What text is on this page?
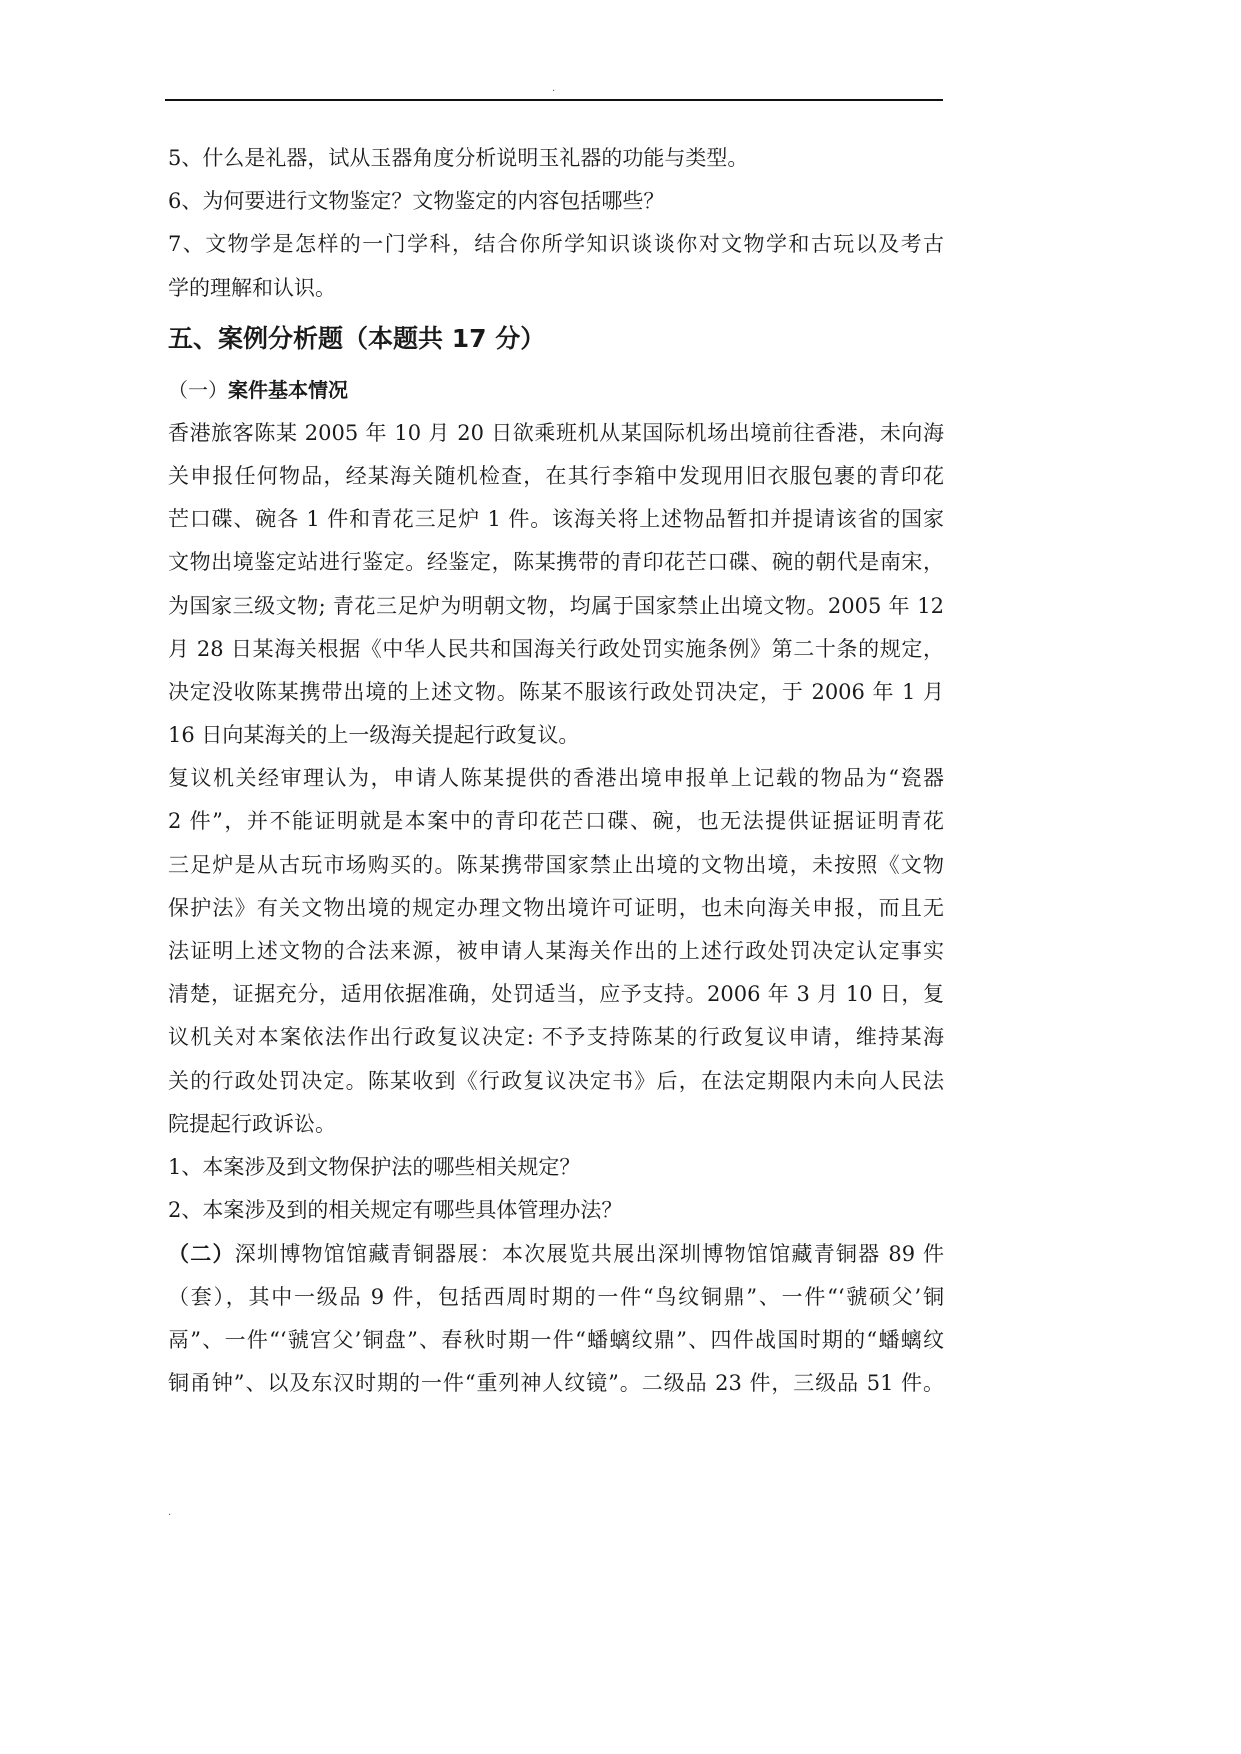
.

5、什么是礼器，试从玉器角度分析说明玉礼器的功能与类型。

6、为何要进行文物鉴定？文物鉴定的内容包括哪些？

7、文物学是怎样的一门学科，结合你所学知识谈谈你对文物学和古玩以及考古

学的理解和认识。

五、案例分析题（本题共 17 分）

（一）案件基本情况

香港旅客陈某 2005 年 10 月 20 日欲乘班机从某国际机场出境前往香港，未向海

关申报任何物品，经某海关随机检查，在其行李箱中发现用旧衣服包裹的青印花

芒口碟、碗各 1 件和青花三足炉 1 件。该海关将上述物品暂扣并提请该省的国家

文物出境鉴定站进行鉴定。经鉴定，陈某携带的青印花芒口碟、碗的朝代是南宋，

为国家三级文物; 青花三足炉为明朝文物，均属于国家禁止出境文物。2005 年 12

月 28 日某海关根据《中华人民共和国海关行政处罚实施条例》第二十条的规定，

决定没收陈某携带出境的上述文物。陈某不服该行政处罚决定，于 2006 年 1 月

16 日向某海关的上一级海关提起行政复议。

复议机关经审理认为，申请人陈某提供的香港出境申报单上记载的物品为“瓷器

2 件”，并不能证明就是本案中的青印花芒口碟、碗，也无法提供证据证明青花

三足炉是从古玩市场购买的。陈某携带国家禁止出境的文物出境，未按照《文物

保护法》有关文物出境的规定办理文物出境许可证明，也未向海关申报，而且无

法证明上述文物的合法来源，被申请人某海关作出的上述行政处罚决定认定事实

清楚，证据充分，适用依据准确，处罚适当，应予支持。2006 年 3 月 10 日，复

议机关对本案依法作出行政复议决定: 不予支持陈某的行政复议申请，维持某海

关的行政处罚决定。陈某收到《行政复议决定书》后，在法定期限内未向人民法

院提起行政诉讼。

1、本案涉及到文物保护法的哪些相关规定？

2、本案涉及到的相关规定有哪些具体管理办法？

（二）深圳博物馆馆藏青铜器展：本次展览共展出深圳博物馆馆藏青铜器 89 件

（套），其中一级品 9 件，包括西周时期的一件“鸟纹铜鼎”、一件“‘虢硕父’铜

鬲”、一件“‘虢宫父’铜盘”、春秋时期一件“蟠螭纹鼎”、四件战国时期的“蟠螭纹

铜甬钟”、以及东汉时期的一件“重列神人纹镜”。二级品 23 件，三级品 51 件。

.
